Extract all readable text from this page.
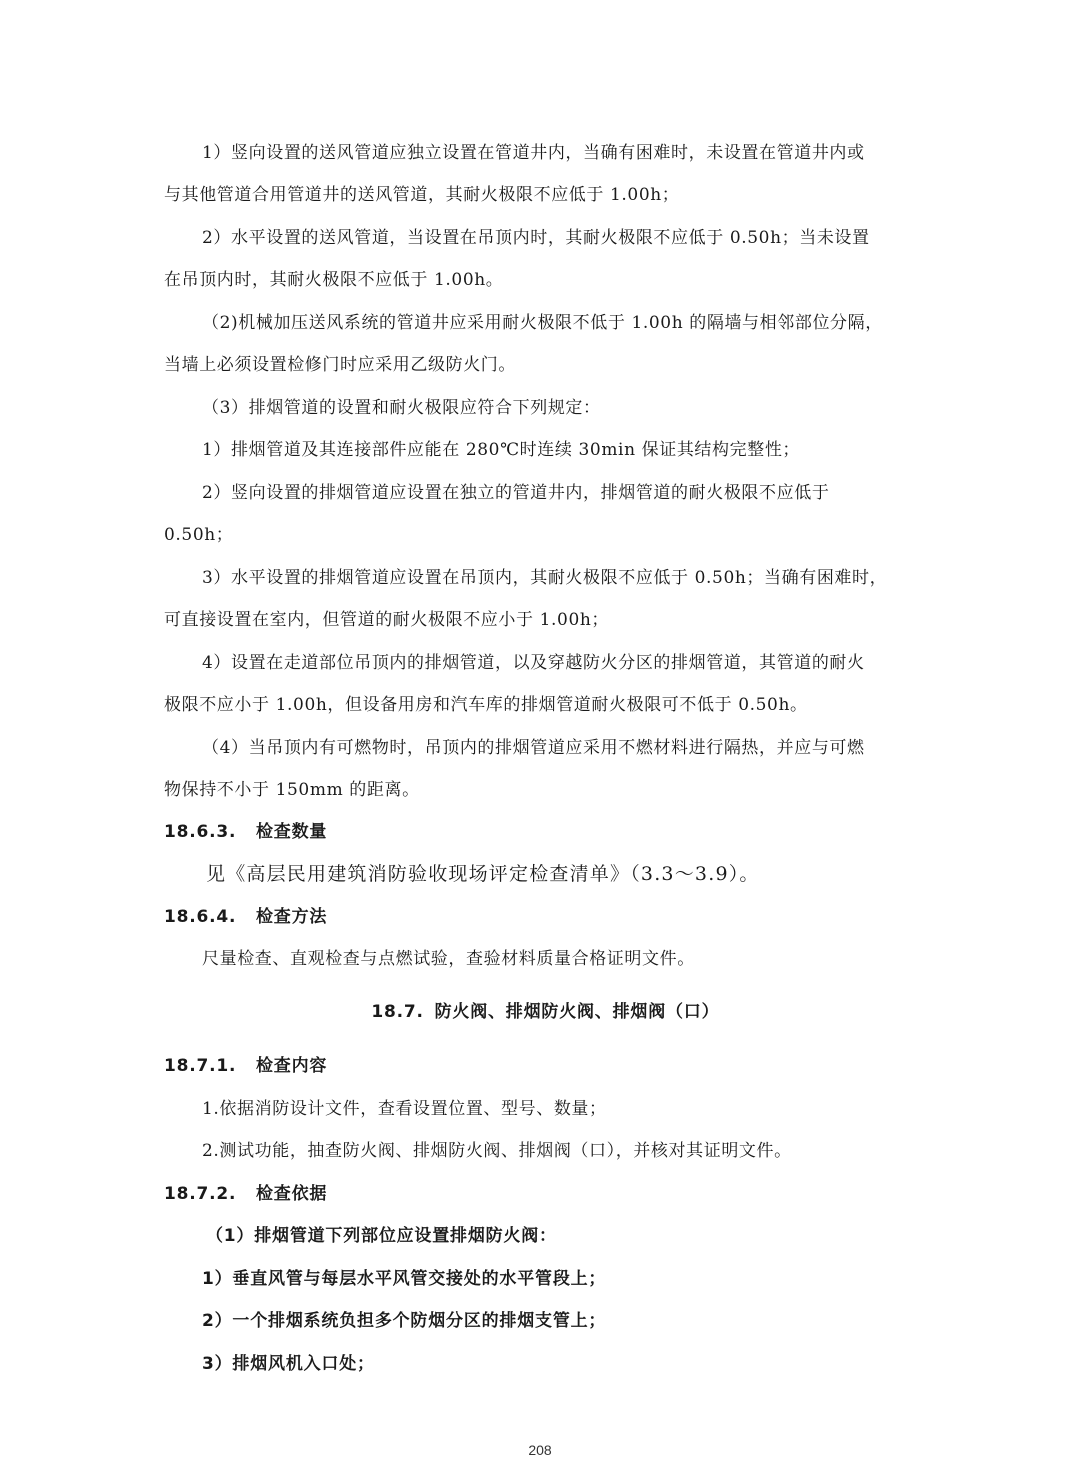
1）竖向设置的送风管道应独立设置在管道井内，当确有困难时，未设置在管道井内或
与其他管道合用管道井的送风管道，其耐火极限不应低于 1.00h；
2）水平设置的送风管道，当设置在吊顶内时，其耐火极限不应低于 0.50h；当未设置
在吊顶内时，其耐火极限不应低于 1.00h。
（2)机械加压送风系统的管道井应采用耐火极限不低于 1.00h 的隔墙与相邻部位分隔，
当墙上必须设置检修门时应采用乙级防火门。
（3）排烟管道的设置和耐火极限应符合下列规定：
1）排烟管道及其连接部件应能在 280℃时连续 30min 保证其结构完整性；
2）竖向设置的排烟管道应设置在独立的管道井内，排烟管道的耐火极限不应低于
0.50h；
3）水平设置的排烟管道应设置在吊顶内，其耐火极限不应低于 0.50h；当确有困难时，
可直接设置在室内，但管道的耐火极限不应小于 1.00h；
4）设置在走道部位吊顶内的排烟管道，以及穿越防火分区的排烟管道，其管道的耐火
极限不应小于 1.00h，但设备用房和汽车库的排烟管道耐火极限可不低于 0.50h。
（4）当吊顶内有可燃物时，吊顶内的排烟管道应采用不燃材料进行隔热，并应与可燃
物保持不小于 150mm 的距离。
18.6.3. 检查数量
见《高层民用建筑消防验收现场评定检查清单》（3.3～3.9）。
18.6.4. 检查方法
尺量检查、直观检查与点燃试验，查验材料质量合格证明文件。
18.7. 防火阀、排烟防火阀、排烟阀（口）
18.7.1. 检查内容
1.依据消防设计文件，查看设置位置、型号、数量；
2.测试功能，抽查防火阀、排烟防火阀、排烟阀（口），并核对其证明文件。
18.7.2. 检查依据
（1）排烟管道下列部位应设置排烟防火阀：
1）垂直风管与每层水平风管交接处的水平管段上；
2）一个排烟系统负担多个防烟分区的排烟支管上；
3）排烟风机入口处；
208
